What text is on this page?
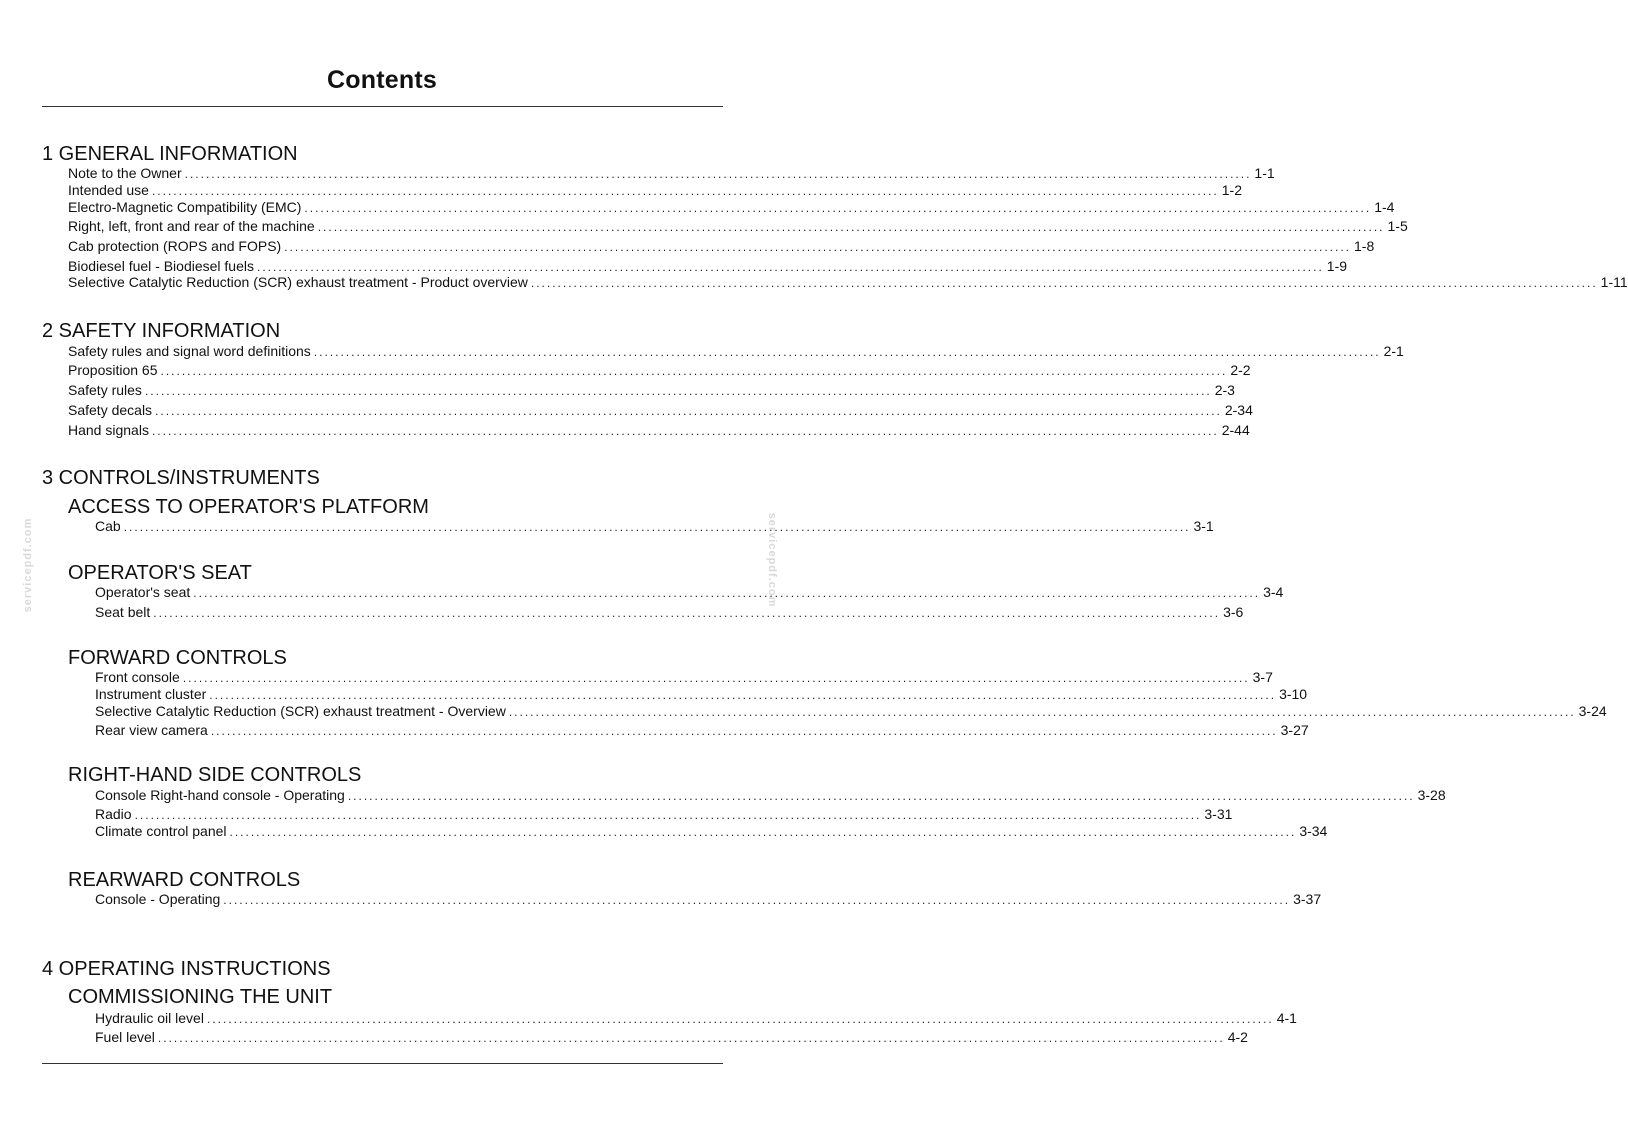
Contents
servicepdf.com	servicepdf.com
1 GENERAL INFORMATION
Note to the Owner ........................................................................................................................................................................................................ 1-1
Intended use ........................................................................................................................................................................................................ 1-2
Electro-Magnetic Compatibility (EMC) ........................................................................................................................................................................................................ 1-4
Right, left, front and rear of the machine ........................................................................................................................................................................................................ 1-5
Cab protection (ROPS and FOPS) ........................................................................................................................................................................................................ 1-8
Biodiesel fuel - Biodiesel fuels ........................................................................................................................................................................................................ 1-9
Selective Catalytic Reduction (SCR) exhaust treatment - Product overview ........................................................................................................................................................................................................ 1-11
2 SAFETY INFORMATION
Safety rules and signal word definitions ........................................................................................................................................................................................................ 2-1
Proposition 65 ........................................................................................................................................................................................................ 2-2
Safety rules ........................................................................................................................................................................................................ 2-3
Safety decals ........................................................................................................................................................................................................ 2-34
Hand signals ........................................................................................................................................................................................................ 2-44
3 CONTROLS/INSTRUMENTS
ACCESS TO OPERATOR'S PLATFORM
Cab ........................................................................................................................................................................................................ 3-1
OPERATOR'S SEAT
Operator's seat ........................................................................................................................................................................................................ 3-4
Seat belt ........................................................................................................................................................................................................ 3-6
FORWARD CONTROLS
Front console ........................................................................................................................................................................................................ 3-7
Instrument cluster ........................................................................................................................................................................................................ 3-10
Selective Catalytic Reduction (SCR) exhaust treatment - Overview ........................................................................................................................................................................................................ 3-24
Rear view camera ........................................................................................................................................................................................................ 3-27
RIGHT-HAND SIDE CONTROLS
Console Right-hand console - Operating ........................................................................................................................................................................................................ 3-28
Radio ........................................................................................................................................................................................................ 3-31
Climate control panel ........................................................................................................................................................................................................ 3-34
REARWARD CONTROLS
Console - Operating ........................................................................................................................................................................................................ 3-37
4 OPERATING INSTRUCTIONS
COMMISSIONING THE UNIT
Hydraulic oil level ........................................................................................................................................................................................................ 4-1
Fuel level ........................................................................................................................................................................................................ 4-2
